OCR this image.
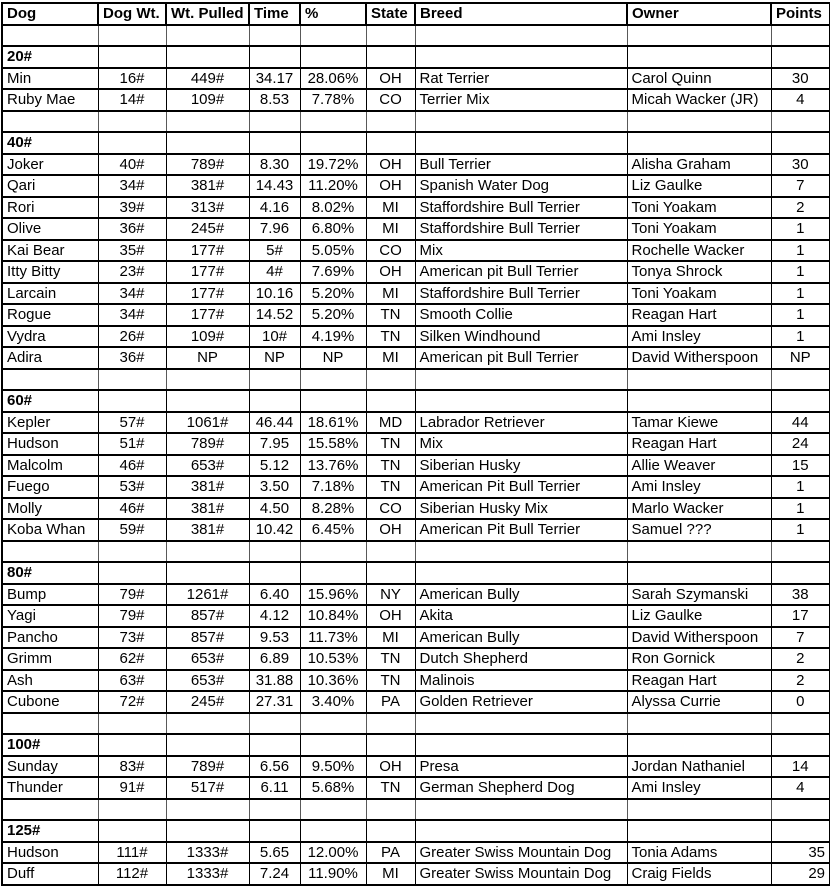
Dog	Dog Wt.	Wt. Pulled	Time	%	State	Breed	Owner	Points

20#								
Min	16#	449#	34.17	28.06%	OH	Rat Terrier	Carol Quinn	30
Ruby Mae	14#	109#	8.53	7.78%	CO	Terrier Mix	Micah Wacker (JR)	4

40#								
Joker	40#	789#	8.30	19.72%	OH	Bull Terrier	Alisha Graham	30
Qari	34#	381#	14.43	11.20%	OH	Spanish Water Dog	Liz Gaulke	7
Rori	39#	313#	4.16	8.02%	MI	Staffordshire Bull Terrier	Toni Yoakam	2
Olive	36#	245#	7.96	6.80%	MI	Staffordshire Bull Terrier	Toni Yoakam	1
Kai Bear	35#	177#	5#	5.05%	CO	Mix	Rochelle Wacker	1
Itty Bitty	23#	177#	4#	7.69%	OH	American pit Bull Terrier	Tonya Shrock	1
Larcain	34#	177#	10.16	5.20%	MI	Staffordshire Bull Terrier	Toni Yoakam	1
Rogue	34#	177#	14.52	5.20%	TN	Smooth Collie	Reagan Hart	1
Vydra	26#	109#	10#	4.19%	TN	Silken Windhound	Ami Insley	1
Adira	36#	NP	NP	NP	MI	American pit Bull Terrier	David Witherspoon	NP

60#								
Kepler	57#	1061#	46.44	18.61%	MD	Labrador Retriever	Tamar Kiewe	44
Hudson	51#	789#	7.95	15.58%	TN	Mix	Reagan Hart	24
Malcolm	46#	653#	5.12	13.76%	TN	Siberian Husky	Allie Weaver	15
Fuego	53#	381#	3.50	7.18%	TN	American Pit Bull Terrier	Ami Insley	1
Molly	46#	381#	4.50	8.28%	CO	Siberian Husky Mix	Marlo Wacker	1
Koba Whan	59#	381#	10.42	6.45%	OH	American Pit Bull Terrier	Samuel ???	1

80#								
Bump	79#	1261#	6.40	15.96%	NY	American Bully	Sarah Szymanski	38
Yagi	79#	857#	4.12	10.84%	OH	Akita	Liz Gaulke	17
Pancho	73#	857#	9.53	11.73%	MI	American Bully	David Witherspoon	7
Grimm	62#	653#	6.89	10.53%	TN	Dutch Shepherd	Ron Gornick	2
Ash	63#	653#	31.88	10.36%	TN	Malinois	Reagan Hart	2
Cubone	72#	245#	27.31	3.40%	PA	Golden Retriever	Alyssa Currie	0

100#								
Sunday	83#	789#	6.56	9.50%	OH	Presa	Jordan Nathaniel	14
Thunder	91#	517#	6.11	5.68%	TN	German Shepherd Dog	Ami Insley	4

125#								
Hudson	111#	1333#	5.65	12.00%	PA	Greater Swiss Mountain Dog	Tonia Adams	35
Duff	112#	1333#	7.24	11.90%	MI	Greater Swiss Mountain Dog	Craig Fields	29
